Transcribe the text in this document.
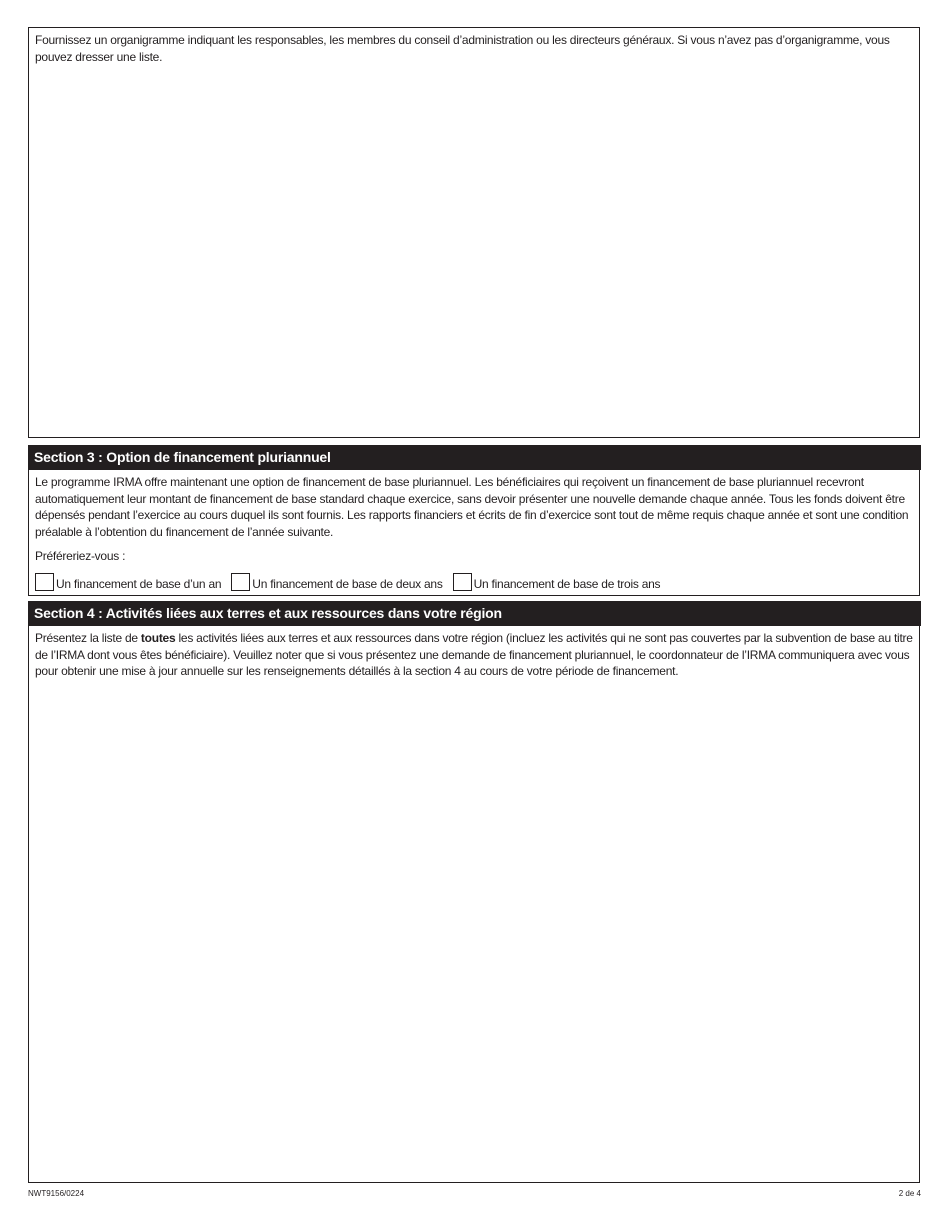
Fournissez un organigramme indiquant les responsables, les membres du conseil d’administration ou les directeurs généraux. Si vous n’avez pas d’organigramme, vous pouvez dresser une liste.
Section 3 : Option de financement pluriannuel
Le programme IRMA offre maintenant une option de financement de base pluriannuel. Les bénéficiaires qui reçoivent un financement de base pluriannuel recevront automatiquement leur montant de financement de base standard chaque exercice, sans devoir présenter une nouvelle demande chaque année. Tous les fonds doivent être dépensés pendant l’exercice au cours duquel ils sont fournis. Les rapports financiers et écrits de fin d’exercice sont tout de même requis chaque année et sont une condition préalable à l’obtention du financement de l’année suivante.
Préféreriez-vous :
Un financement de base d’un an	Un financement de base de deux ans	Un financement de base de trois ans
Section 4 : Activités liées aux terres et aux ressources dans votre région
Présentez la liste de toutes les activités liées aux terres et aux ressources dans votre région (incluez les activités qui ne sont pas couvertes par la subvention de base au titre de l’IRMA dont vous êtes bénéficiaire). Veuillez noter que si vous présentez une demande de financement pluriannuel, le coordonnateur de l’IRMA communiquera avec vous pour obtenir une mise à jour annuelle sur les renseignements détaillés à la section 4 au cours de votre période de financement.
NWT9156/0224	2 de 4
